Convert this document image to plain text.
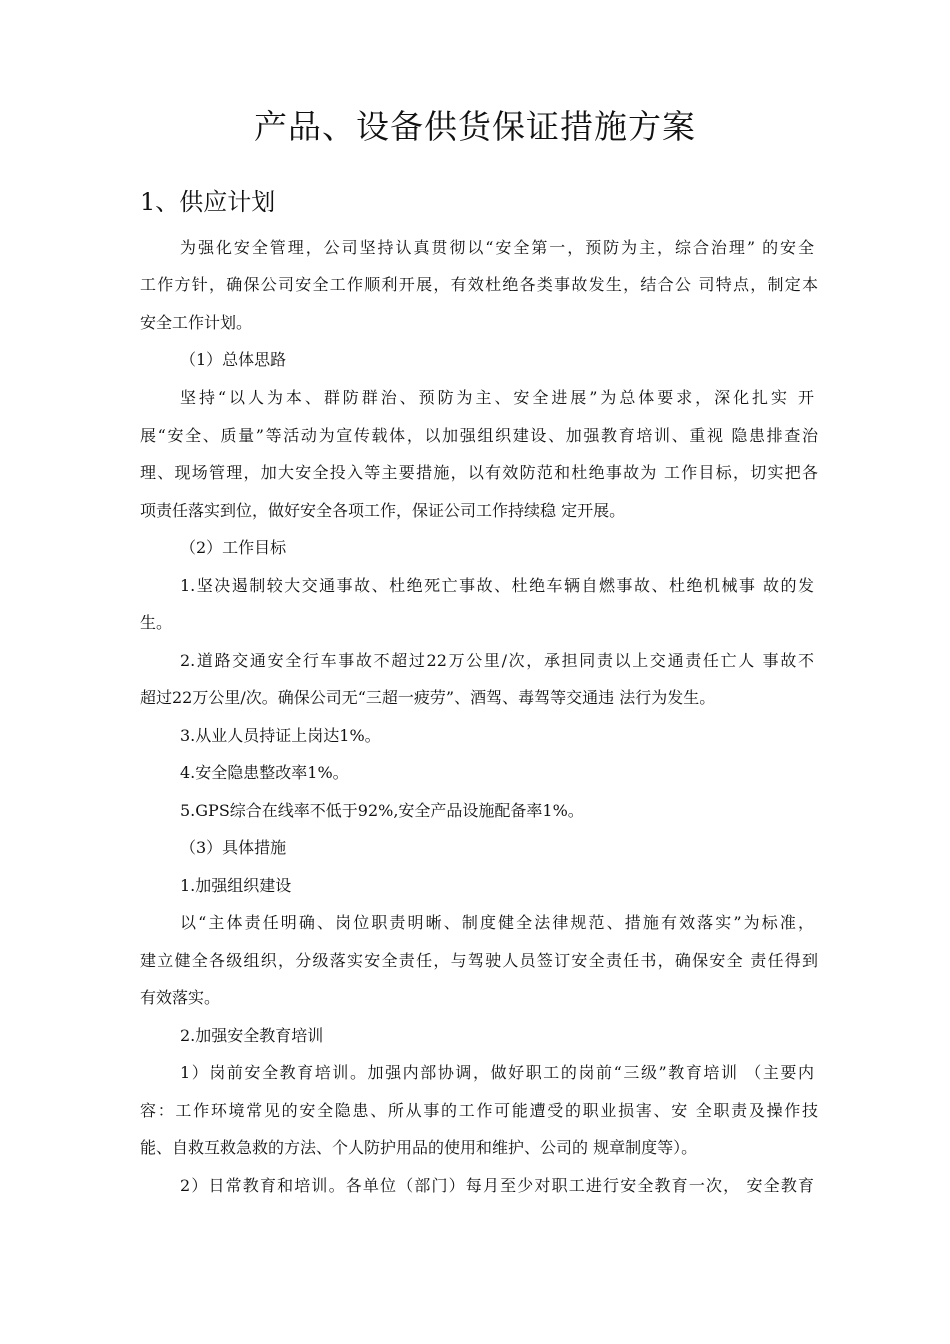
产品、设备供货保证措施方案
1、供应计划
为强化安全管理，公司坚持认真贯彻以“安全第一，预防为主，综合治理” 的安全
工作方针，确保公司安全工作顺利开展，有效杜绝各类事故发生，结合公 司特点，制定本
安全工作计划。
（1）总体思路
坚持“以人为本、群防群治、预防为主、安全进展”为总体要求，深化扎实 开
展“安全、质量”等活动为宣传载体，以加强组织建设、加强教育培训、重视 隐患排查治
理、现场管理，加大安全投入等主要措施，以有效防范和杜绝事故为 工作目标，切实把各
项责任落实到位，做好安全各项工作，保证公司工作持续稳 定开展。
（2）工作目标
1.坚决遏制较大交通事故、杜绝死亡事故、杜绝车辆自燃事故、杜绝机械事 故的发
生。
2.道路交通安全行车事故不超过22万公里/次，承担同责以上交通责任亡人 事故不
超过22万公里/次。确保公司无“三超一疲劳”、酒驾、毒驾等交通违 法行为发生。
3.从业人员持证上岗达1%。
4.安全隐患整改率1%。
5.GPS综合在线率不低于92%,安全产品设施配备率1%。
（3）具体措施
1.加强组织建设
以“主体责任明确、岗位职责明晰、制度健全法律规范、措施有效落实”为标准，
建立健全各级组织，分级落实安全责任，与驾驶人员签订安全责任书，确保安全 责任得到
有效落实。
2.加强安全教育培训
1）岗前安全教育培训。加强内部协调，做好职工的岗前“三级”教育培训 （主要内
容：工作环境常见的安全隐患、所从事的工作可能遭受的职业损害、安 全职责及操作技
能、自救互救急救的方法、个人防护用品的使用和维护、公司的 规章制度等）。
2）日常教育和培训。各单位（部门）每月至少对职工进行安全教育一次， 安全教育
